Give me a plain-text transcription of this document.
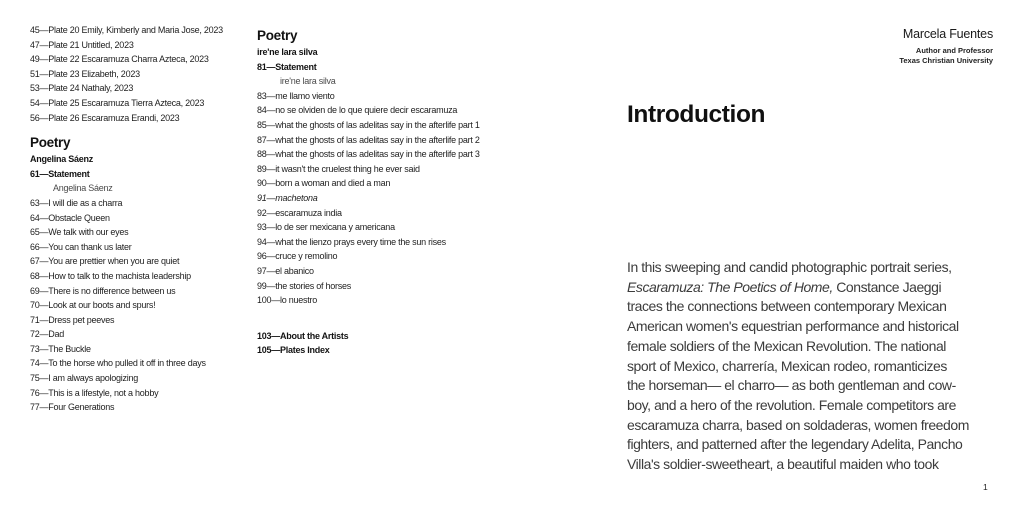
45—Plate 20 Emily, Kimberly and Maria Jose, 2023
47—Plate 21 Untitled, 2023
49—Plate 22 Escaramuza Charra Azteca, 2023
51—Plate 23 Elizabeth, 2023
53—Plate 24 Nathaly, 2023
54—Plate 25 Escaramuza Tierra Azteca, 2023
56—Plate 26 Escaramuza Erandi, 2023
Poetry
Angelina Sáenz
61—Statement
Angelina Sáenz
63—I will die as a charra
64—Obstacle Queen
65—We talk with our eyes
66—You can thank us later
67—You are prettier when you are quiet
68—How to talk to the machista leadership
69—There is no difference between us
70—Look at our boots and spurs!
71—Dress pet peeves
72—Dad
73—The Buckle
74—To the horse who pulled it off in three days
75—I am always apologizing
76—This is a lifestyle, not a hobby
77—Four Generations
Poetry
ire'ne lara silva
81—Statement
ire'ne lara silva
83—me llamo viento
84—no se olviden de lo que quiere decir escaramuza
85—what the ghosts of las adelitas say in the afterlife part 1
87—what the ghosts of las adelitas say in the afterlife part 2
88—what the ghosts of las adelitas say in the afterlife part 3
89—it wasn't the cruelest thing he ever said
90—born a woman and died a man
91—machetona
92—escaramuza india
93—lo de ser mexicana y americana
94—what the lienzo prays every time the sun rises
96—cruce y remolino
97—el abanico
99—the stories of horses
100—lo nuestro
103—About the Artists
105—Plates Index
Marcela Fuentes
Author and Professor
Texas Christian University
Introduction
In this sweeping and candid photographic portrait series,
Escaramuza: The Poetics of Home, Constance Jaeggi
traces the connections between contemporary Mexican
American women's equestrian performance and historical
female soldiers of the Mexican Revolution. The national
sport of Mexico, charrería, Mexican rodeo, romanticizes
the horseman— el charro— as both gentleman and cow-
boy, and a hero of the revolution. Female competitors are
escaramuza charra, based on soldaderas, women freedom
fighters, and patterned after the legendary Adelita, Pancho
Villa's soldier-sweetheart, a beautiful maiden who took
1
